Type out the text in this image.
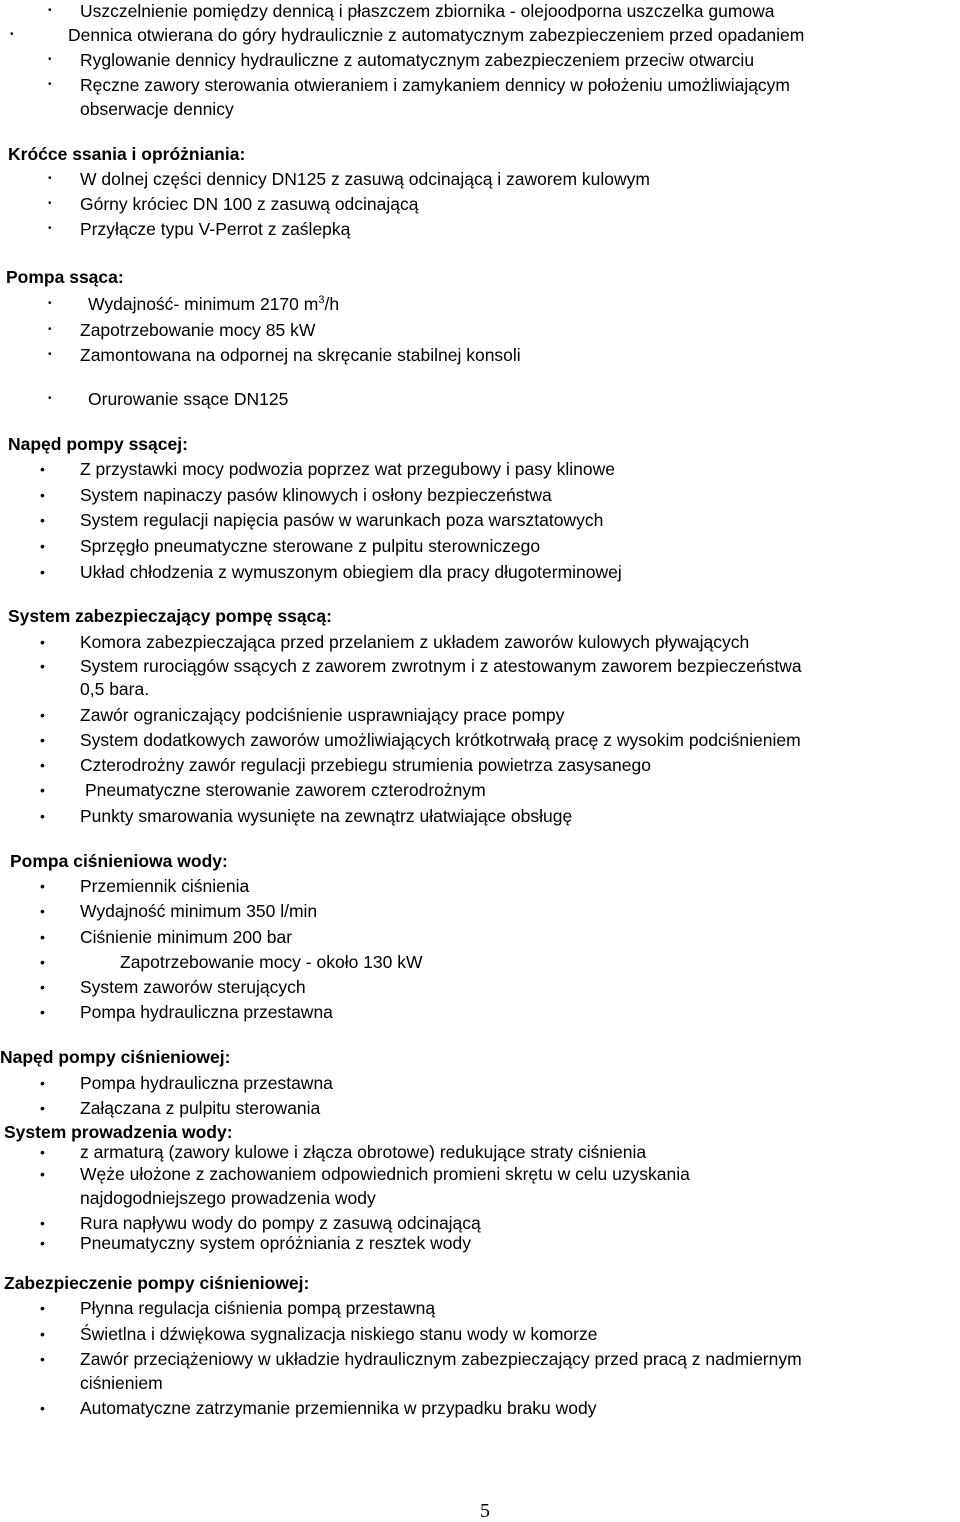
• Uszczelnienie pomiędzy dennicą i płaszczem zbiornika - olejoodporna uszczelka gumowa
•	Dennica otwierana do góry hydraulicznie z automatycznym zabezpieczeniem przed opadaniem
• Ryglowanie dennicy hydrauliczne z automatycznym zabezpieczeniem przeciw otwarciu
• Ręczne zawory sterowania otwieraniem i zamykaniem dennicy w położeniu umożliwiającym
obserwacje dennicy
Króćce ssania i opróżniania:
• W dolnej części dennicy DN125 z zasuwą odcinającą i zaworem kulowym
• Górny króciec DN 100 z zasuwą odcinającą
• Przyłącze typu V-Perrot z zaślepką
Pompa ssąca:
• Wydajność- minimum 2170 $m^3/h$
• Zapotrzebowanie mocy 85 kW
• Zamontowana na odpornej na skręcanie stabilnej konsoli
• Orurowanie ssące DN125
Napęd pompy ssącej:
• Z przystawki mocy podwozia poprzez wat przegubowy i pasy klinowe
• System napinaczy pasów klinowych i osłony bezpieczeństwa
• System regulacji napięcia pasów w warunkach poza warsztatowych
• Sprzęgło pneumatyczne sterowane z pulpitu sterowniczego
• Układ chłodzenia z wymuszonym obiegiem dla pracy długoterminowej
System zabezpieczający pompę ssącą:
• Komora zabezpieczająca przed przelaniem z układem zaworów kulowych pływających
• System rurociągów ssących z zaworem zwrotnym i z atestowanym zaworem bezpieczeństwa
0,5 bara.
• Zawór ograniczający podciśnienie usprawniający prace pompy
• System dodatkowych zaworów umożliwiających krótkotrwałą pracę z wysokim podciśnieniem
• Czterodrożny zawór regulacji przebiegu strumienia powietrza zasysanego
• Pneumatyczne sterowanie zaworem czterodrożnym
• Punkty smarowania wysunięte na zewnątrz ułatwiające obsługę
Pompa ciśnieniowa wody:
• Przemiennik ciśnienia
• Wydajność minimum 350 l/min
• Ciśnienie minimum 200 bar
•	Zapotrzebowanie mocy - około 130 kW
• System zaworów sterujących
• Pompa hydrauliczna przestawna
Napęd pompy ciśnieniowej:
• Pompa hydrauliczna przestawna
• Załączana z pulpitu sterowania
System prowadzenia wody:
• z armaturą (zawory kulowe i złącza obrotowe) redukujące straty ciśnienia
• Węże ułożone z zachowaniem odpowiednich promieni skrętu w celu uzyskania
najdogodniejszego prowadzenia wody
• Rura napływu wody do pompy z zasuwą odcinającą
• Pneumatyczny system opróżniania z resztek wody
Zabezpieczenie pompy ciśnieniowej:
• Płynna regulacja ciśnienia pompą przestawną
• Świetlna i dźwiękowa sygnalizacja niskiego stanu wody w komorze
• Zawór przeciążeniowy w układzie hydraulicznym zabezpieczający przed pracą z nadmiernym
ciśnieniem
• Automatyczne zatrzymanie przemiennika w przypadku braku wody
5
